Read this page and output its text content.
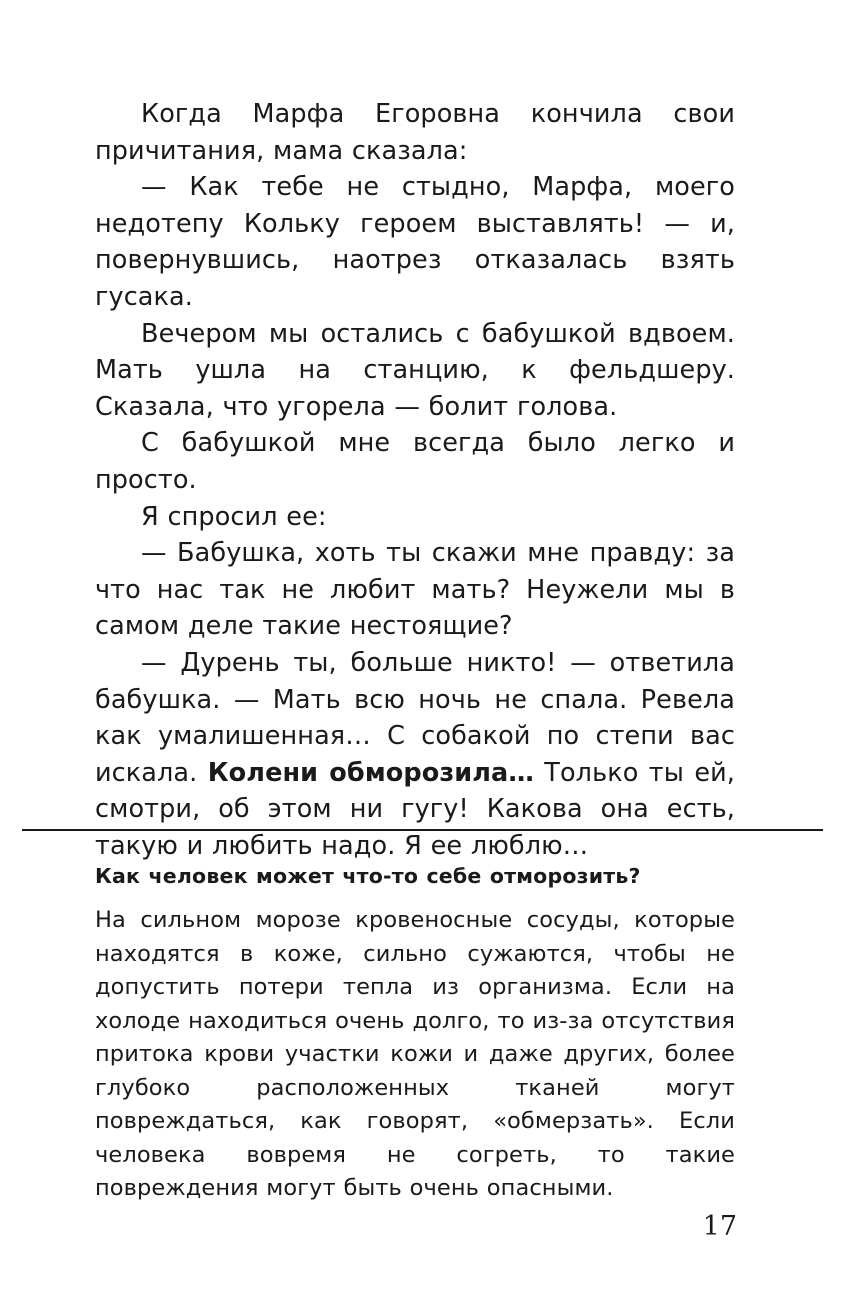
Когда Марфа Егоровна кончила свои причитания, мама сказала:

— Как тебе не стыдно, Марфа, моего недотепу Кольку героем выставлять! — и, повернувшись, наотрез отказалась взять гусака.

Вечером мы остались с бабушкой вдвоем. Мать ушла на станцию, к фельдшеру. Сказала, что угорела — болит голова.

С бабушкой мне всегда было легко и просто.

Я спросил ее:

— Бабушка, хоть ты скажи мне правду: за что нас так не любит мать? Неужели мы в самом деле такие нестоящие?

— Дурень ты, больше никто! — ответила бабушка. — Мать всю ночь не спала. Ревела как умалишенная… С собакой по степи вас искала. Колени обморозила… Только ты ей, смотри, об этом ни гугу! Какова она есть, такую и любить надо. Я ее люблю…

Как человек может что-то себе отморозить?

На сильном морозе кровеносные сосуды, которые находятся в коже, сильно сужаются, чтобы не допустить потери тепла из организма. Если на холоде находиться очень долго, то из-за отсутствия притока крови участки кожи и даже других, более глубоко расположенных тканей могут повреждаться, как говорят, «обмерзать». Если человека вовремя не согреть, то такие повреждения могут быть очень опасными.

17
